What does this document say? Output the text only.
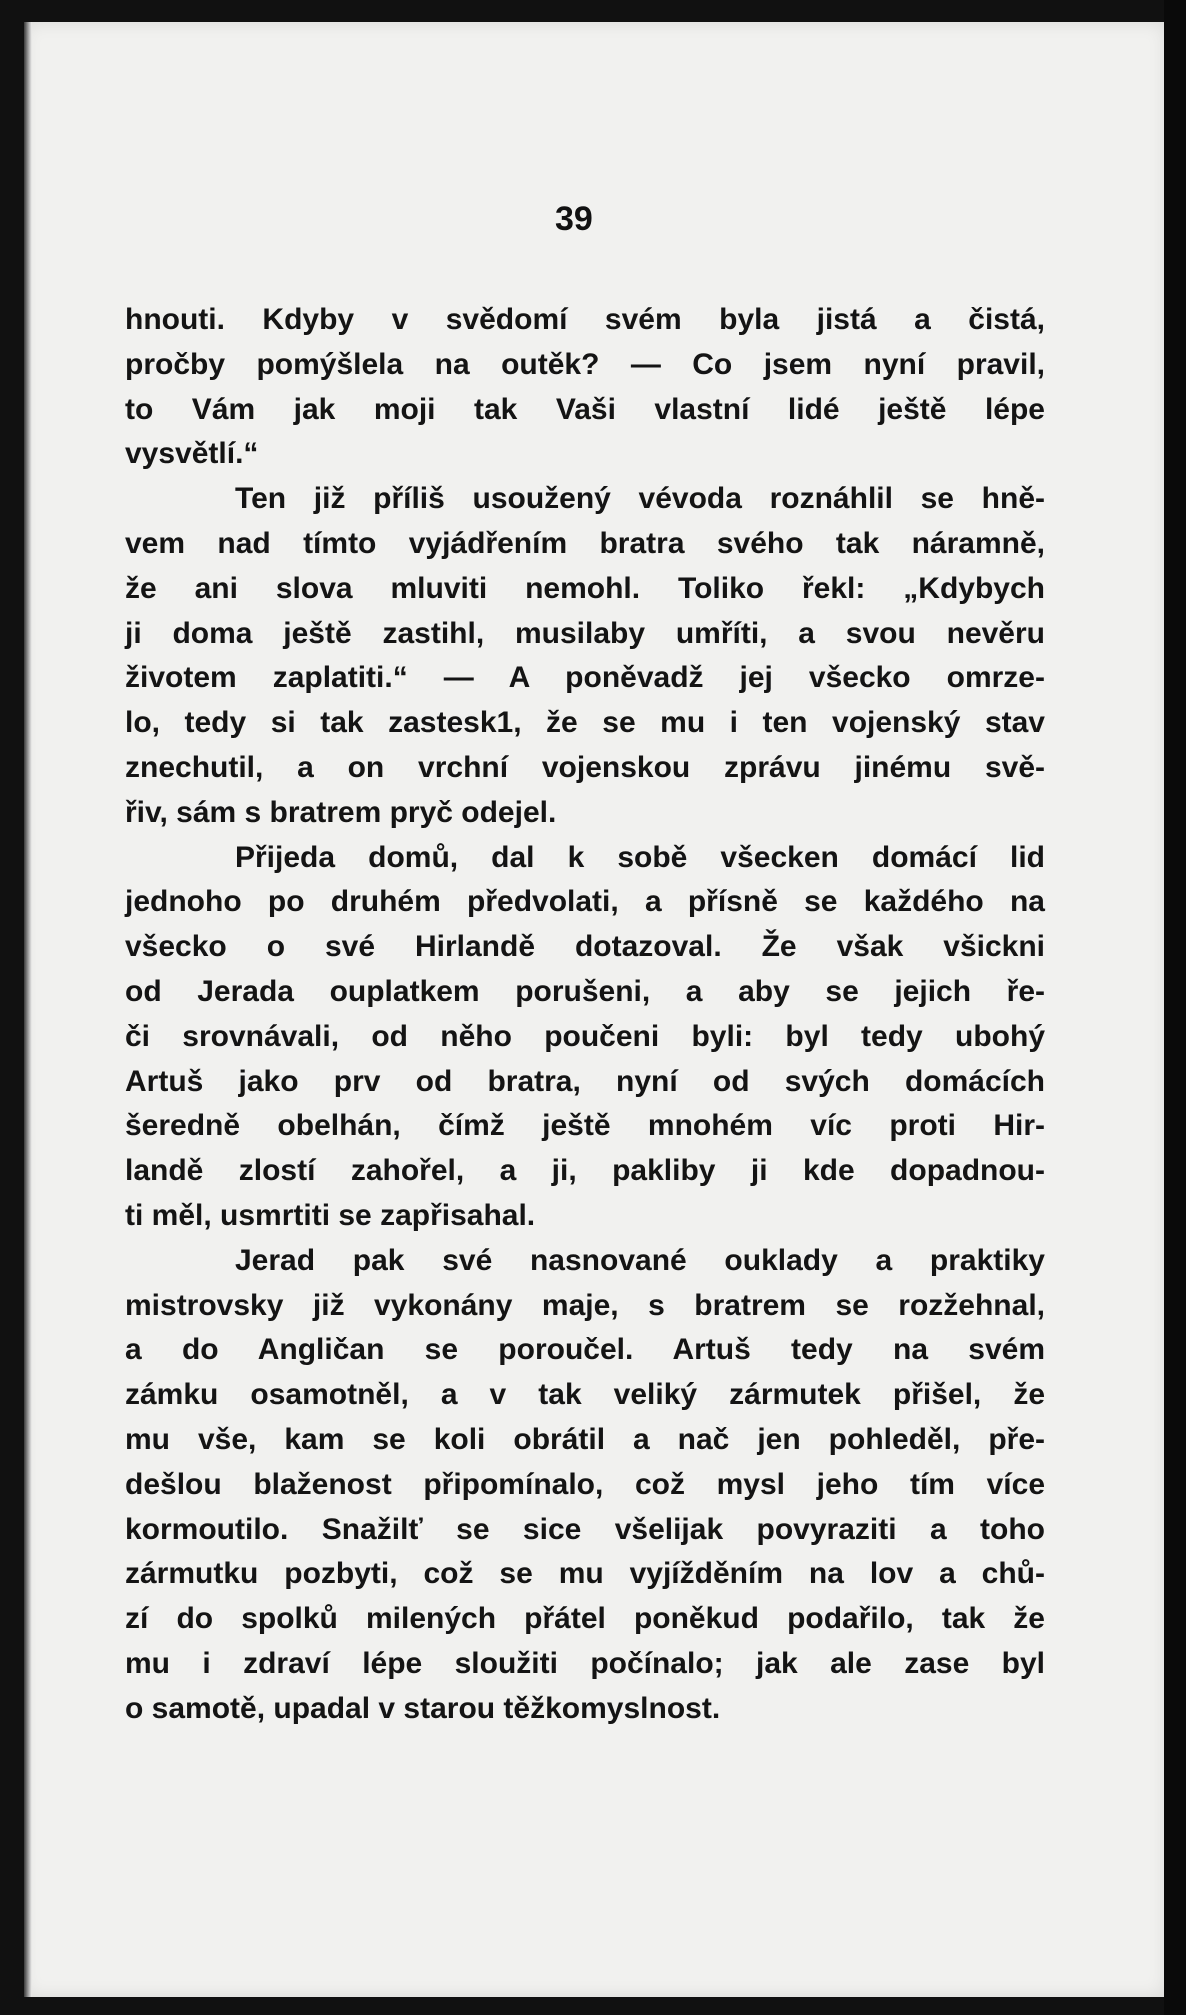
39
hnouti. Kdyby v svědomí svém byla jistá a čistá,
pročby pomýšlela na outěk? — Co jsem nyní pravil,
to Vám jak moji tak Vaši vlastní lidé ještě lépe
vysvětlí.“
Ten již příliš usoužený vévoda roznáhlil se hně-
vem nad tímto vyjádřením bratra svého tak náramně,
že ani slova mluviti nemohl. Toliko řekl: „Kdybych
ji doma ještě zastihl, musilaby umříti, a svou nevěru
životem zaplatiti.“ — A poněvadž jej všecko omrze-
lo, tedy si tak zastesk1, že se mu i ten vojenský stav
znechutil, a on vrchní vojenskou zprávu jinému svě-
řiv, sám s bratrem pryč odejel.
Přijeda domů, dal k sobě všecken domácí lid
jednoho po druhém předvolati, a přísně se každého na
všecko o své Hirlandě dotazoval. Že však všickni
od Jerada ouplatkem porušeni, a aby se jejich ře-
či srovnávali, od něho poučeni byli: byl tedy ubohý
Artuš jako prv od bratra, nyní od svých domácích
šeredně obelhán, čímž ještě mnohém víc proti Hir-
landě zlostí zahořel, a ji, pakliby ji kde dopadnou-
ti měl, usmrtiti se zapřisahal.
Jerad pak své nasnované ouklady a praktiky
mistrovsky již vykonány maje, s bratrem se rozžehnal,
a do Angličan se poroučel. Artuš tedy na svém
zámku osamotněl, a v tak veliký zármutek přišel, že
mu vše, kam se koli obrátil a nač jen pohleděl, pře-
dešlou blaženost připomínalo, což mysl jeho tím více
kormoutilo. Snažilť se sice všelijak povyraziti a toho
zármutku pozbyti, což se mu vyjížděním na lov a chů-
zí do spolků milených přátel poněkud podařilo, tak že
mu i zdraví lépe sloužiti počínalo; jak ale zase byl
o samotě, upadal v starou těžkomyslnost.
